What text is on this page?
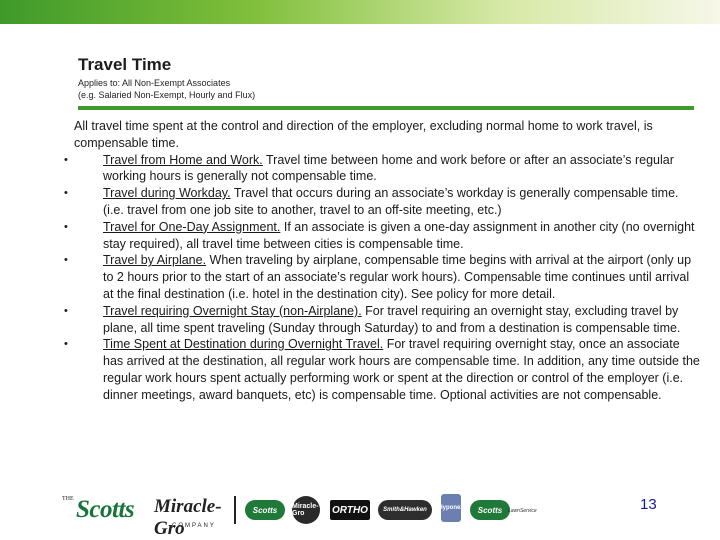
Travel Time
Applies to: All Non-Exempt Associates
(e.g. Salaried Non-Exempt, Hourly and Flux)

All travel time spent at the control and direction of the employer, excluding normal home to work travel, is compensable time.

•	Travel from Home and Work. Travel time between home and work before or after an associate’s regular working hours is generally not compensable time.
•	Travel during Workday. Travel that occurs during an associate’s workday is generally compensable time. (i.e. travel from one job site to another, travel to an off-site meeting, etc.)
•	Travel for One-Day Assignment. If an associate is given a one-day assignment in another city (no overnight stay required), all travel time between cities is compensable time.
•	Travel by Airplane. When traveling by airplane, compensable time begins with arrival at the airport (only up to 2 hours prior to the start of an associate’s regular work hours). Compensable time continues until arrival at the final destination (i.e. hotel in the destination city). See policy for more detail.
•	Travel requiring Overnight Stay (non-Airplane). For travel requiring an overnight stay, excluding travel by plane, all time spent traveling (Sunday through Saturday) to and from a destination is compensable time.
•	Time Spent at Destination during Overnight Travel. For travel requiring overnight stay, once an associate has arrived at the destination, all regular work hours are compensable time. In addition, any time outside the regular work hours spent actually performing work or spent at the direction or control of the employer (i.e. dinner meetings, award banquets, etc) is compensable time. Optional activities are not compensable.
THE Scotts Miracle-Gro
COMPANY
Scotts	Miracle-Gro	ORTHO	Smith&Hawken	Hyponex	Scotts	LawnService	13
